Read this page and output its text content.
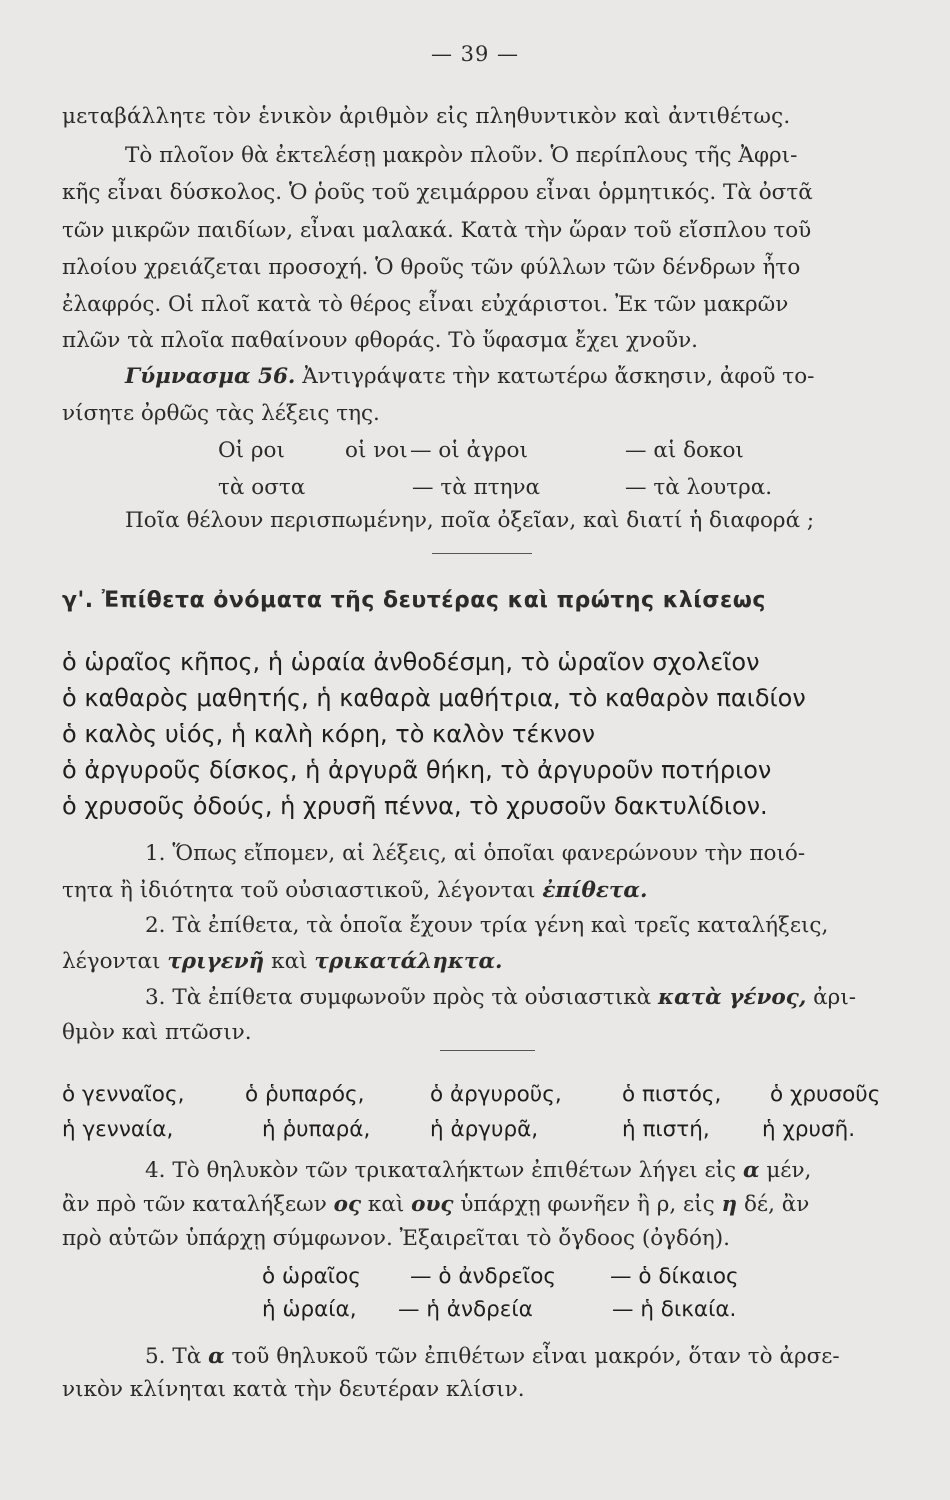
— 39 —
μεταβάλλητε τὸν ἑνικὸν ἀριθμὸν εἰς πληθυντικὸν καὶ ἀντιθέτως.
Τὸ πλοῖον θὰ ἐκτελέσῃ μακρὸν πλοῦν. Ὁ περίπλους τῆς Ἀφρι-
κῆς εἶναι δύσκολος. Ὁ ῥοῦς τοῦ χειμάρρου εἶναι ὁρμητικός. Τὰ ὀστᾶ
τῶν μικρῶν παιδίων, εἶναι μαλακά. Κατὰ τὴν ὥραν τοῦ εἴσπλου τοῦ
πλοίου χρειάζεται προσοχή. Ὁ θροῦς τῶν φύλλων τῶν δένδρων ἦτο
ἐλαφρός. Οἱ πλοῖ κατὰ τὸ θέρος εἶναι εὐχάριστοι. Ἐκ τῶν μακρῶν
πλῶν τὰ πλοῖα παθαίνουν φθοράς. Τὸ ὕφασμα ἔχει χνοῦν.
Γύμνασμα 56. Ἀντιγράψατε τὴν κατωτέρω ἄσκησιν, ἀφοῦ το-
νίσητε ὀρθῶς τὰς λέξεις της.
Οἱ ροι	οἱ νοι — οἱ ἀγροι	— αἱ δοκοι
τὰ οστα	— τὰ πτηνα	— τὰ λουτρα.
Ποῖα θέλουν περισπωμένην, ποῖα ὀξεῖαν, καὶ διατί ἡ διαφορά ;
γ'. Ἐπίθετα ὀνόματα τῆς δευτέρας καὶ πρώτης κλίσεως
ὁ ὡραῖος κῆπος, ἡ ὡραία ἀνθοδέσμη, τὸ ὡραῖον σχολεῖον
ὁ καθαρὸς μαθητής, ἡ καθαρὰ μαθήτρια, τὸ καθαρὸν παιδίον
ὁ καλὸς υἱός, ἡ καλὴ κόρη, τὸ καλὸν τέκνον
ὁ ἀργυροῦς δίσκος, ἡ ἀργυρᾶ θήκη, τὸ ἀργυροῦν ποτήριον
ὁ χρυσοῦς ὀδούς, ἡ χρυσῆ πέννα, τὸ χρυσοῦν δακτυλίδιον.
1. Ὅπως εἴπομεν, αἱ λέξεις, αἱ ὁποῖαι φανερώνουν τὴν ποιό-
τητα ἢ ἰδιότητα τοῦ οὐσιαστικοῦ, λέγονται ἐπίθετα.
2. Τὰ ἐπίθετα, τὰ ὁποῖα ἔχουν τρία γένη καὶ τρεῖς καταλήξεις,
λέγονται τριγενῆ καὶ τρικατάληκτα.
3. Τὰ ἐπίθετα συμφωνοῦν πρὸς τὰ οὐσιαστικὰ κατὰ γένος, ἀρι-
θμὸν καὶ πτῶσιν.
ὁ γενναῖος,	ὁ ῥυπαρός,	ὁ ἀργυροῦς,	ὁ πιστός, ὁ χρυσοῦς
ἡ γενναία,	ἡ ῥυπαρά,	ἡ ἀργυρᾶ,	ἡ πιστή, ἡ χρυσῆ.
4. Τὸ θηλυκὸν τῶν τρικαταλήκτων ἐπιθέτων λήγει εἰς α μέν,
ἂν πρὸ τῶν καταλήξεων ος καὶ ους ὑπάρχῃ φωνῆεν ἢ ρ, εἰς η δέ, ἂν
πρὸ αὐτῶν ὑπάρχῃ σύμφωνον. Ἐξαιρεῖται τὸ ὄγδοος (ὀγδόη).
ὁ ὡραῖος — ὁ ἀνδρεῖος	— ὁ δίκαιος
ἡ ὡραία, — ἡ ἀνδρεία	— ἡ δικαία.
5. Τὰ α τοῦ θηλυκοῦ τῶν ἐπιθέτων εἶναι μακρόν, ὅταν τὸ ἀρσε-
νικὸν κλίνηται κατὰ τὴν δευτέραν κλίσιν.
